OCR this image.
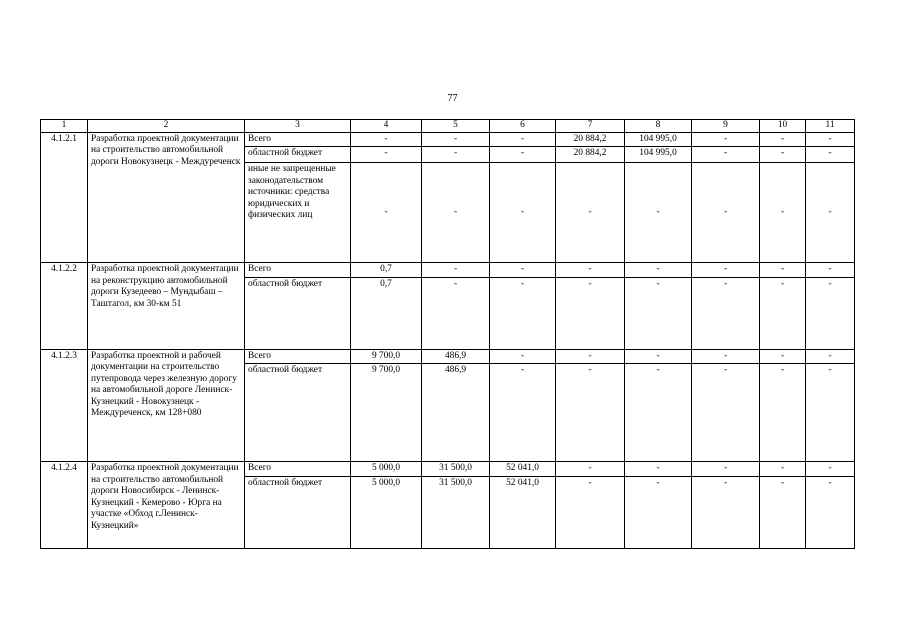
77
1	2	3	4	5	6	7	8	9	10	11
4.1.2.1	Разработка проектной документации на строительство автомобильной дороги Новокузнецк - Междуреченск	Всего	-	-	-	20 884,2	104 995,0	-	-	-
		областной бюджет	-	-	-	20 884,2	104 995,0	-	-	-
		иные не запрещенные законодательством источники: средства юридических и физических лиц	-	-	-	-	-	-	-	-
4.1.2.2	Разработка проектной документации на реконструкцию автомобильной дороги Кузедеево – Мундыбаш – Таштагол, км 30-км 51	Всего	0,7	-	-	-	-	-	-	-
		областной бюджет	0,7	-	-	-	-	-	-	-
4.1.2.3	Разработка проектной и рабочей документации на строительство путепровода через железную дорогу на автомобильной дороге Ленинск-Кузнецкий - Новокузнецк - Междуреченск, км 128+080	Всего	9 700,0	486,9	-	-	-	-	-	-
		областной бюджет	9 700,0	486,9	-	-	-	-	-	-
4.1.2.4	Разработка проектной документации на строительство автомобильной дороги Новосибирск - Ленинск-Кузнецкий - Кемерово - Юрга на участке «Обход г.Ленинск-Кузнецкий»	Всего	5 000,0	31 500,0	52 041,0	-	-	-	-	-
		областной бюджет	5 000,0	31 500,0	52 041,0	-	-	-	-	-
